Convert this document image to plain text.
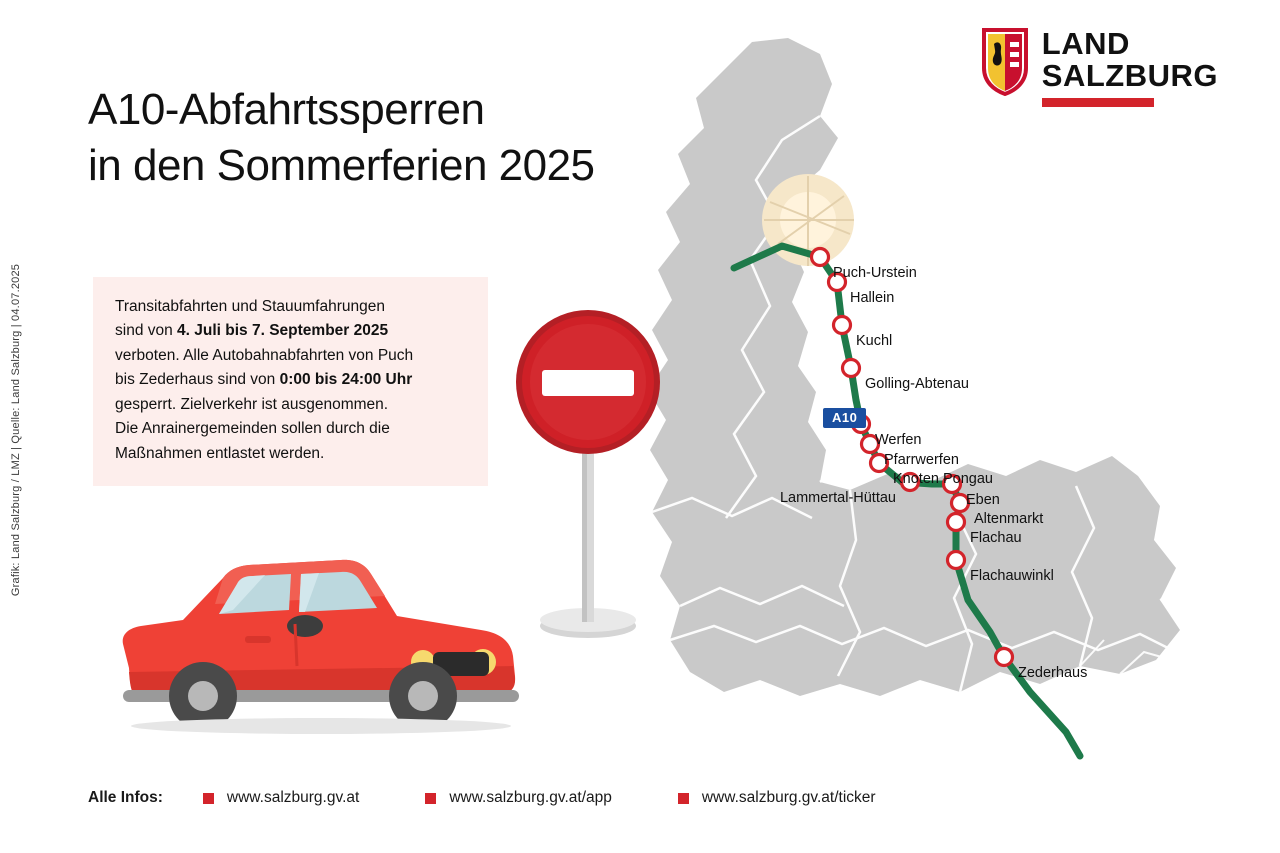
Grafik: Land Salzburg / LMZ | Quelle: Land Salzburg | 04.07.2025
A10-Abfahrtssperren
in den Sommerferien 2025
Transitabfahrten und Stauumfahrungen
sind von 4. Juli bis 7. September 2025
verboten. Alle Autobahnabfahrten von Puch
bis Zederhaus sind von 0:00 bis 24:00 Uhr
gesperrt. Zielverkehr ist ausgenommen.
Die Anrainergemeinden sollen durch die
Maßnahmen entlastet werden.
LAND
SALZBURG
A10
Puch-Urstein
Hallein
Kuchl
Golling-Abtenau
Werfen
Pfarrwerfen
Knoten Pongau
Lammertal-Hüttau	Eben
Altenmarkt
Flachau
Flachauwinkl
Zederhaus
Alle Infos:	www.salzburg.gv.at	www.salzburg.gv.at/app	www.salzburg.gv.at/ticker
